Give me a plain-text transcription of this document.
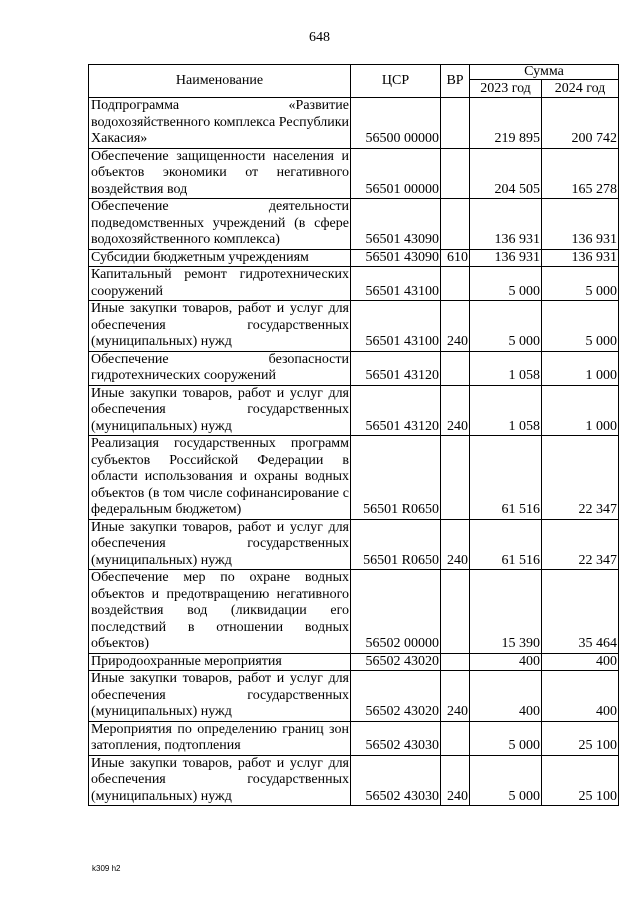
648
Наименование	ЦСР	ВР	Сумма	
			2023 год	2024 год
Подпрограмма «Развитие водохозяйственного комплекса Республики Хакасия»	56500 00000		219 895	200 742
Обеспечение защищенности населения и объектов экономики от негативного воздействия вод	56501 00000		204 505	165 278
Обеспечение деятельности подведомственных учреждений (в сфере водохозяйственного комплекса)	56501 43090		136 931	136 931
Субсидии бюджетным учреждениям	56501 43090	610	136 931	136 931
Капитальный ремонт гидротехнических сооружений	56501 43100		5 000	5 000
Иные закупки товаров, работ и услуг для обеспечения государственных (муниципальных) нужд	56501 43100	240	5 000	5 000
Обеспечение безопасности гидротехнических сооружений	56501 43120		1 058	1 000
Иные закупки товаров, работ и услуг для обеспечения государственных (муниципальных) нужд	56501 43120	240	1 058	1 000
Реализация государственных программ субъектов Российской Федерации в области использования и охраны водных объектов (в том числе софинансирование с федеральным бюджетом)	56501 R0650		61 516	22 347
Иные закупки товаров, работ и услуг для обеспечения государственных (муниципальных) нужд	56501 R0650	240	61 516	22 347
Обеспечение мер по охране водных объектов и предотвращению негативного воздействия вод (ликвидации его последствий в отношении водных объектов)	56502 00000		15 390	35 464
Природоохранные мероприятия	56502 43020		400	400
Иные закупки товаров, работ и услуг для обеспечения государственных (муниципальных) нужд	56502 43020	240	400	400
Мероприятия по определению границ зон затопления, подтопления	56502 43030		5 000	25 100
Иные закупки товаров, работ и услуг для обеспечения государственных (муниципальных) нужд	56502 43030	240	5 000	25 100
k309 h2
